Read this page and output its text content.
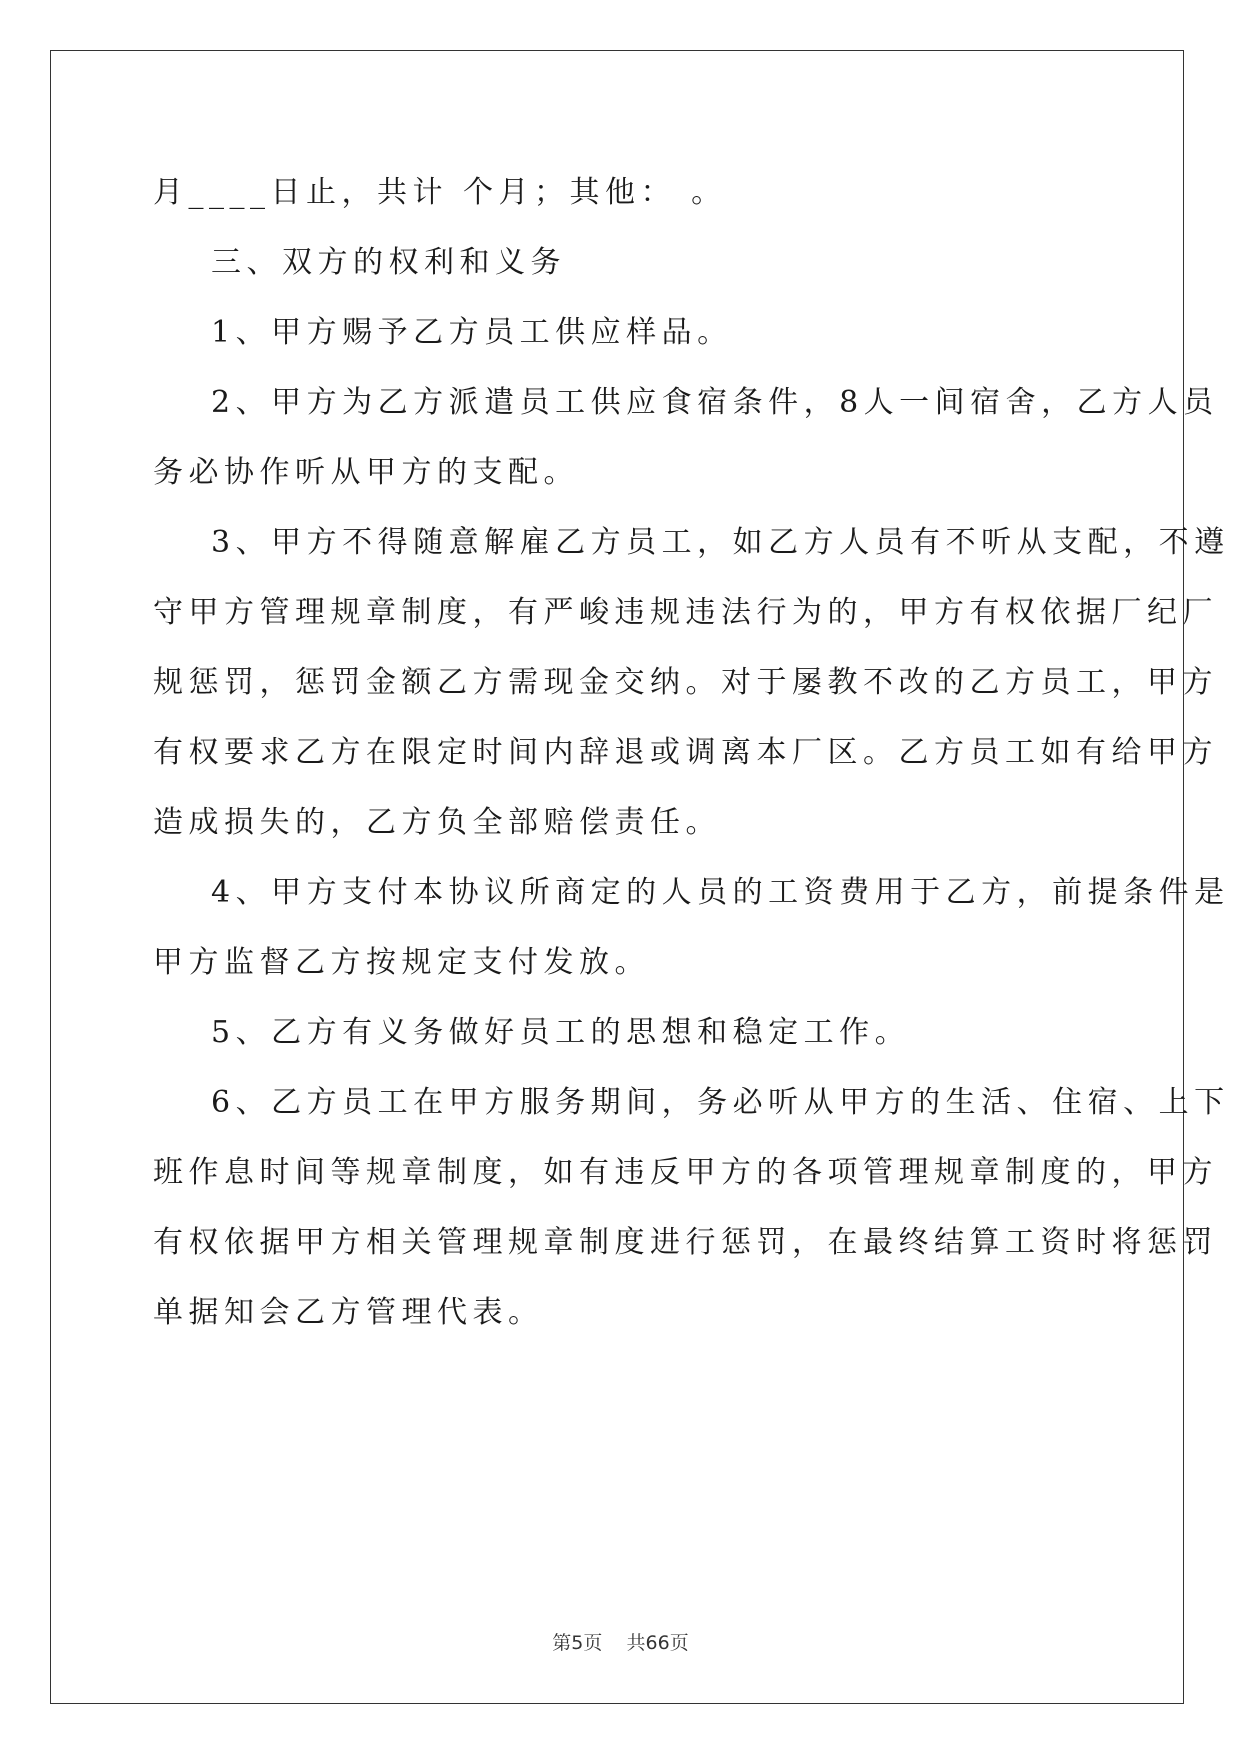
月____日止，共计 个月；其他： 。
三、双方的权利和义务
1、甲方赐予乙方员工供应样品。
2、甲方为乙方派遣员工供应食宿条件，8人一间宿舍，乙方人员
务必协作听从甲方的支配。
3、甲方不得随意解雇乙方员工，如乙方人员有不听从支配，不遵
守甲方管理规章制度，有严峻违规违法行为的，甲方有权依据厂纪厂
规惩罚，惩罚金额乙方需现金交纳。对于屡教不改的乙方员工，甲方
有权要求乙方在限定时间内辞退或调离本厂区。乙方员工如有给甲方
造成损失的，乙方负全部赔偿责任。
4、甲方支付本协议所商定的人员的工资费用于乙方，前提条件是
甲方监督乙方按规定支付发放。
5、乙方有义务做好员工的思想和稳定工作。
6、乙方员工在甲方服务期间，务必听从甲方的生活、住宿、上下
班作息时间等规章制度，如有违反甲方的各项管理规章制度的，甲方
有权依据甲方相关管理规章制度进行惩罚，在最终结算工资时将惩罚
单据知会乙方管理代表。
第5页 共66页
